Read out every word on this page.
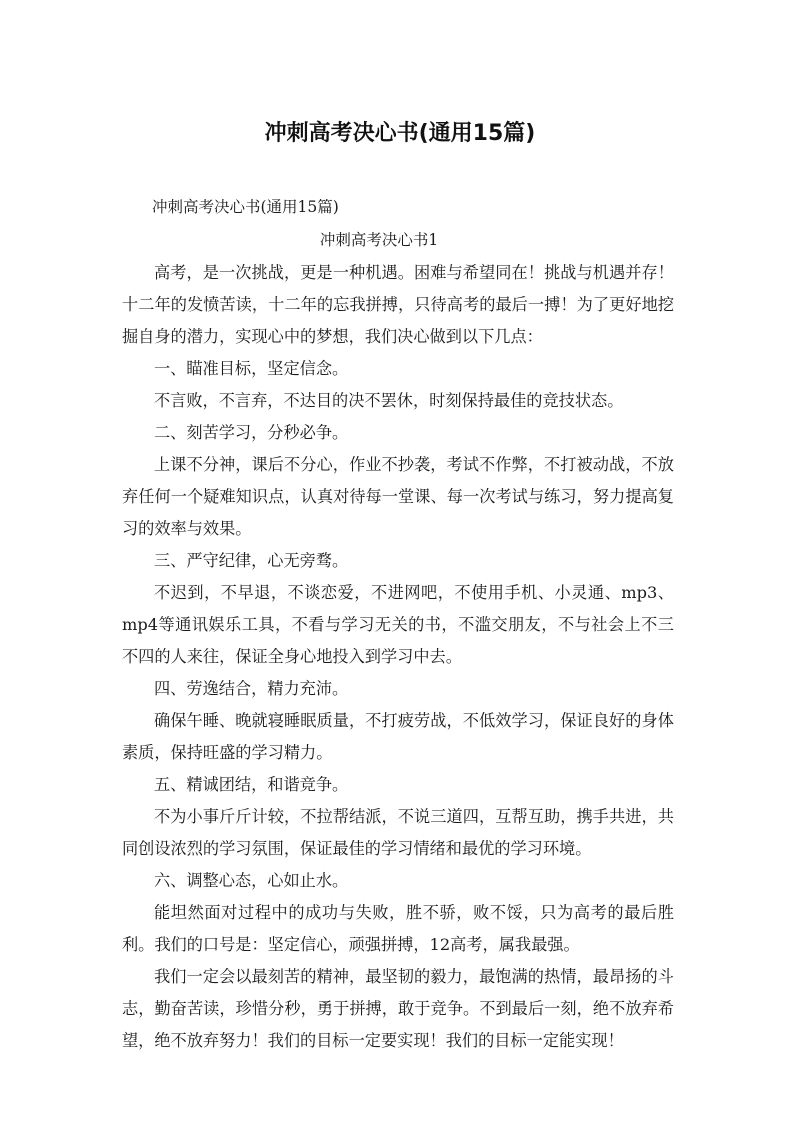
冲刺高考决心书(通用15篇)

冲刺高考决心书(通用15篇)

冲刺高考决心书1

高考，是一次挑战，更是一种机遇。困难与希望同在！挑战与机遇并存！十二年的发愤苦读，十二年的忘我拼搏，只待高考的最后一搏！为了更好地挖掘自身的潜力，实现心中的梦想，我们决心做到以下几点：

一、瞄准目标，坚定信念。

不言败，不言弃，不达目的决不罢休，时刻保持最佳的竞技状态。

二、刻苦学习，分秒必争。

上课不分神，课后不分心，作业不抄袭，考试不作弊，不打被动战，不放弃任何一个疑难知识点，认真对待每一堂课、每一次考试与练习，努力提高复习的效率与效果。

三、严守纪律，心无旁骛。

不迟到，不早退，不谈恋爱，不进网吧，不使用手机、小灵通、mp3、mp4等通讯娱乐工具，不看与学习无关的书，不滥交朋友，不与社会上不三不四的人来往，保证全身心地投入到学习中去。

四、劳逸结合，精力充沛。

确保午睡、晚就寝睡眠质量，不打疲劳战，不低效学习，保证良好的身体素质，保持旺盛的学习精力。

五、精诚团结，和谐竞争。

不为小事斤斤计较，不拉帮结派，不说三道四，互帮互助，携手共进，共同创设浓烈的学习氛围，保证最佳的学习情绪和最优的学习环境。

六、调整心态，心如止水。

能坦然面对过程中的成功与失败，胜不骄，败不馁，只为高考的最后胜利。我们的口号是：坚定信心，顽强拼搏，12高考，属我最强。

我们一定会以最刻苦的精神，最坚韧的毅力，最饱满的热情，最昂扬的斗志，勤奋苦读，珍惜分秒，勇于拼搏，敢于竞争。不到最后一刻，绝不放弃希望，绝不放弃努力！我们的目标一定要实现！我们的目标一定能实现！
